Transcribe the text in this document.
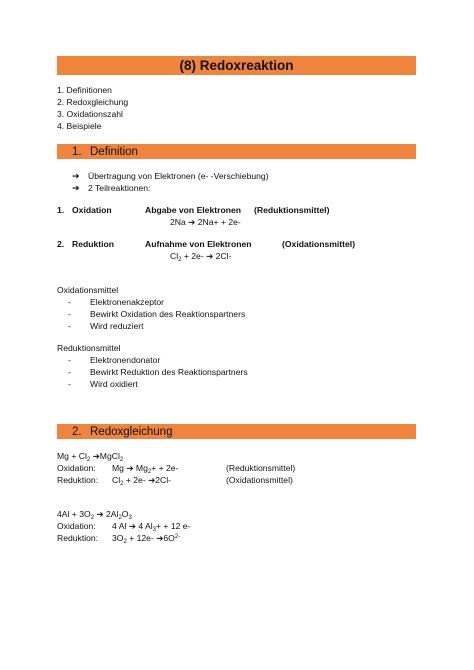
(8) Redoxreaktion
1. Definitionen
2. Redoxgleichung
3. Oxidationszahl
4. Beispiele
1. Definition
➔ Übertragung von Elektronen (e- -Verschiebung)
➔ 2 Teilreaktionen:
1. Oxidation	Abgabe von Elektronen (Reduktionsmittel)
2Na ➔ 2Na+ + 2e-
2. Reduktion	Aufnahme von Elektronen	(Oxidationsmittel)
$Cl_2 + 2e-$ ➔ 2Cl-
Oxidationsmittel
- Elektronenakzeptor
- Bewirkt Oxidation des Reaktionspartners
- Wird reduziert
Reduktionsmittel
- Elektronendonator
- Bewirkt Reduktion des Reaktionspartners
- Wird oxidiert
2. Redoxgleichung
$Mg + Cl_2$ ➔MgCl$_2$
Oxidation: Mg ➔ $Mg_2+ + 2e-$	(Reduktionsmittel)
Reduktion: $Cl_2 + 2e-$ ➔2Cl-	(Oxidationsmittel)
$4Al + 3O_2$ ➔ $2Al_2O_3$
Oxidation: 4 Al ➔ 4 $Al_3+ + 12$ e-
Reduktion: $3O_2 + 12e-$ $➔6O^{2-}$
